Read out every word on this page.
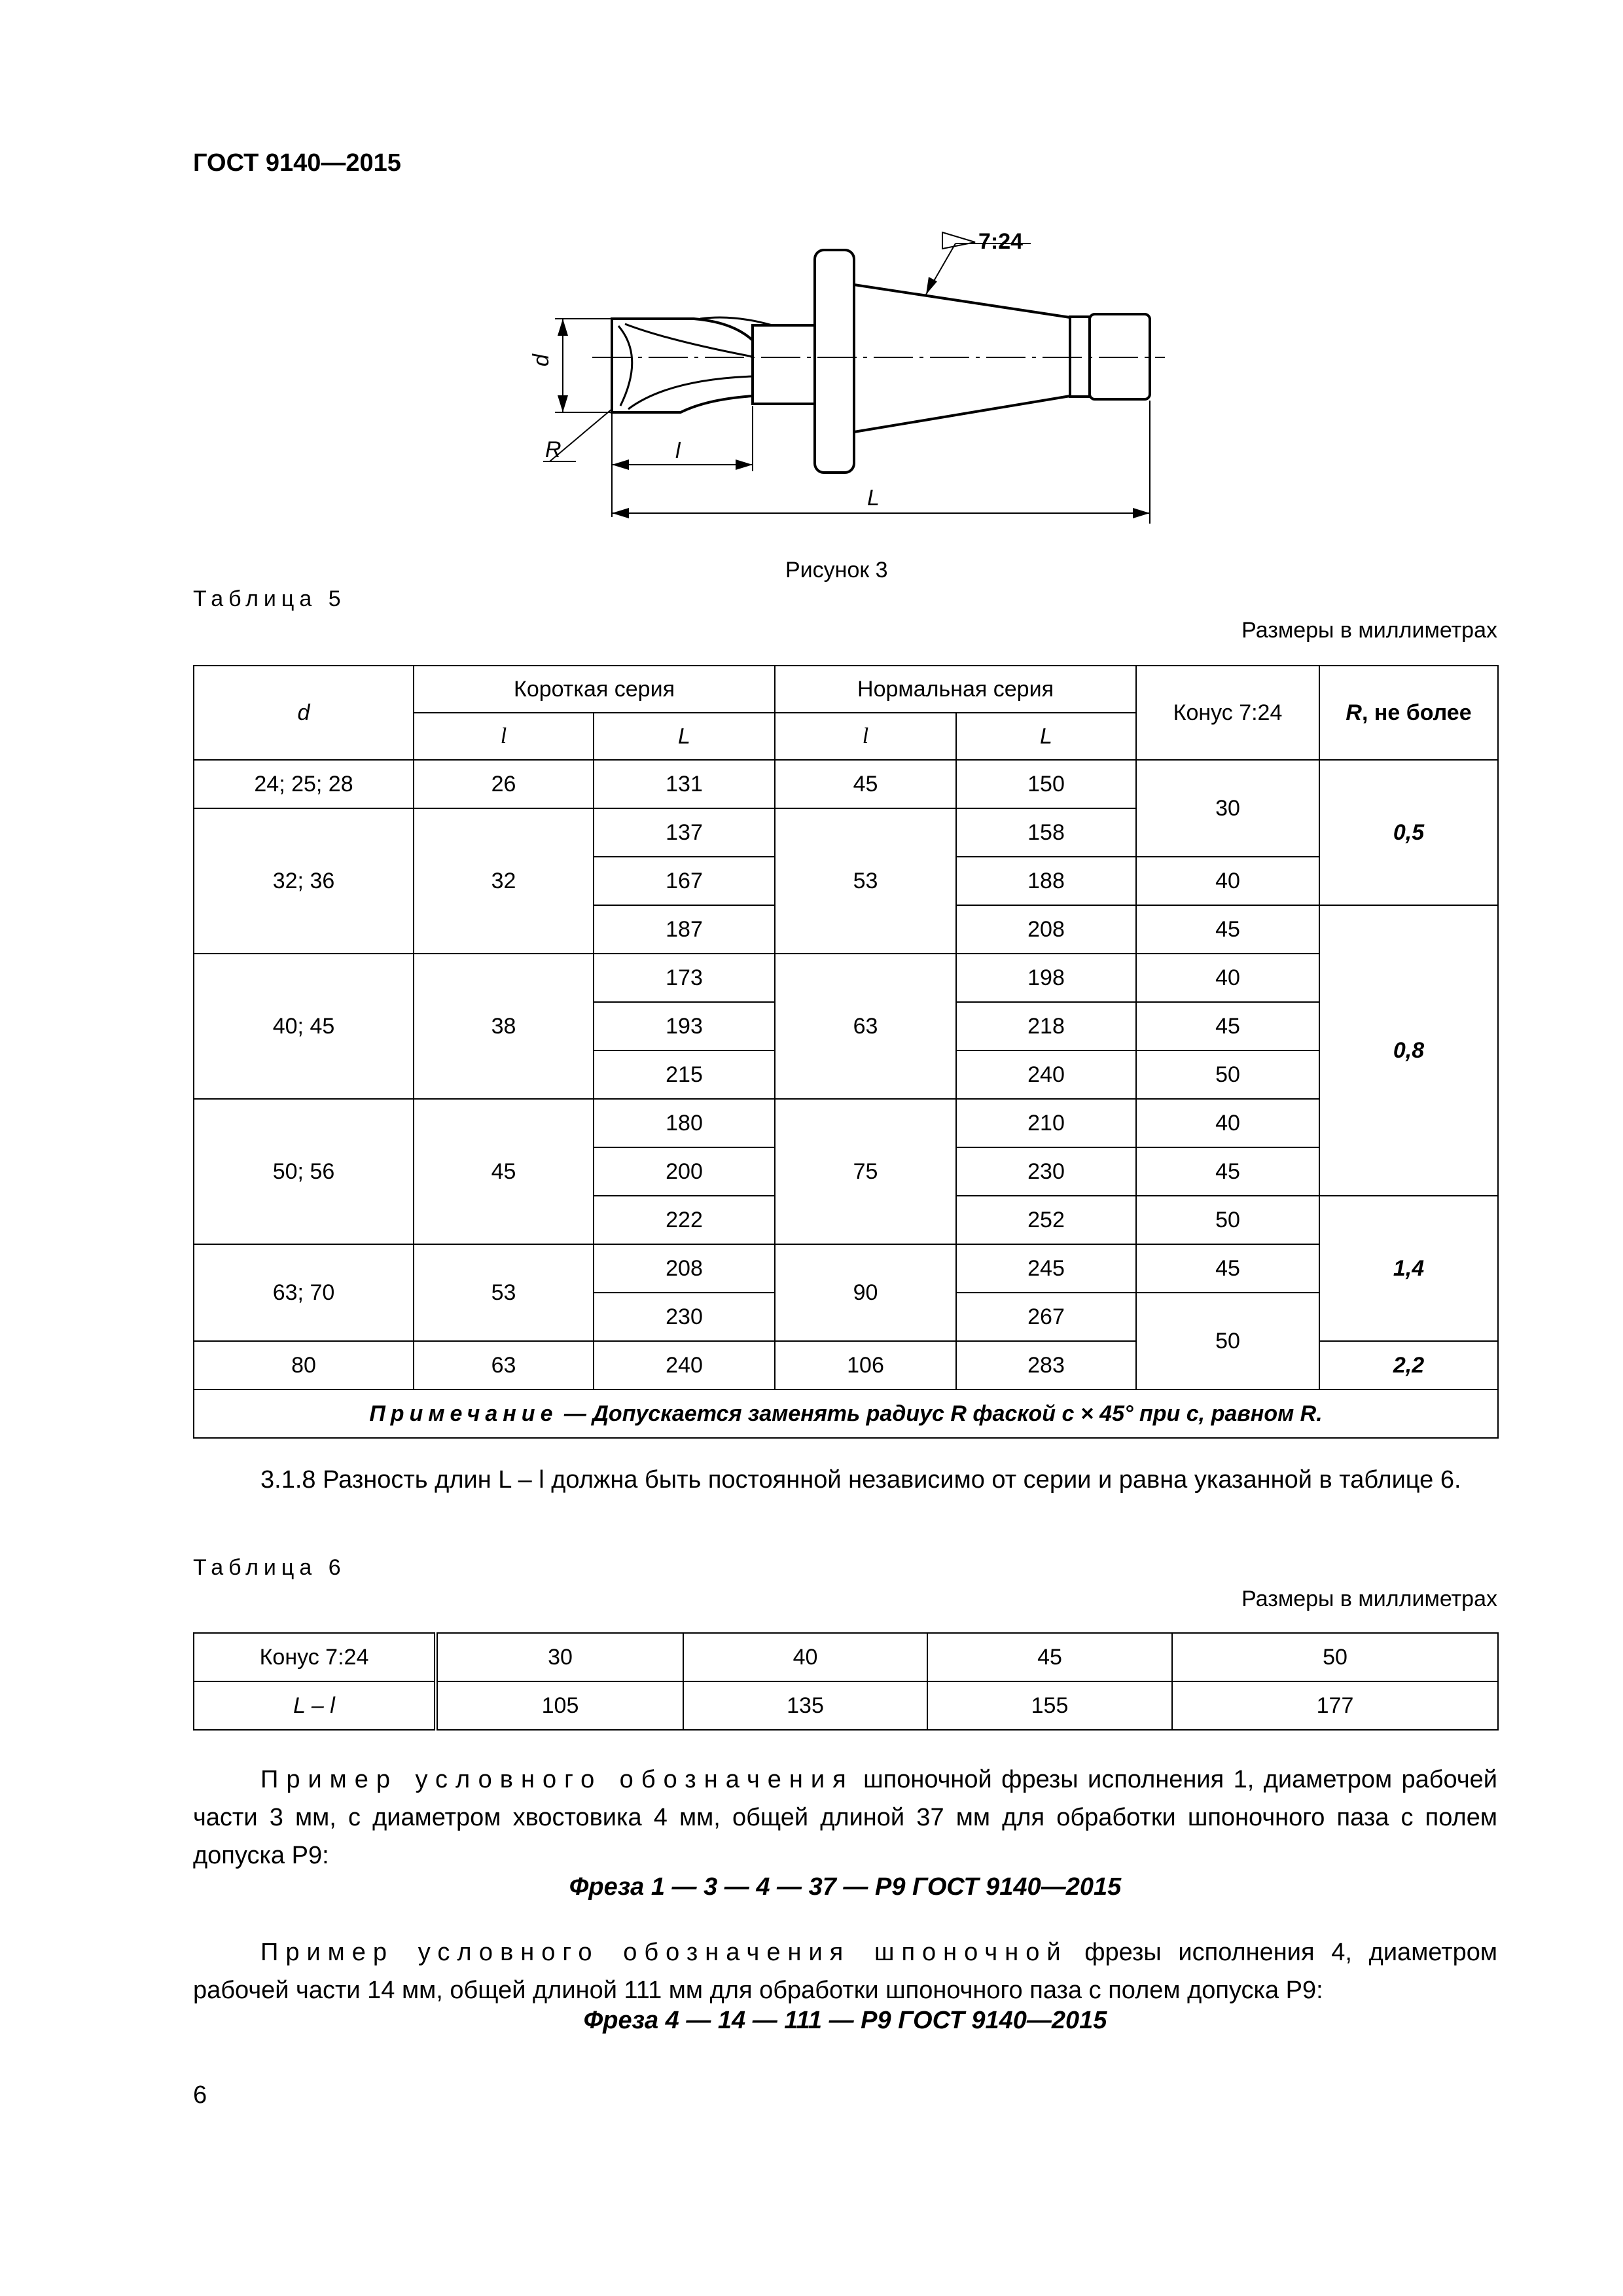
ГОСТ 9140—2015
7:24
d
R	l
L
Рисунок 3
Таблица 5
Размеры в миллиметрах
d	Короткая серия		Нормальная серия		Конус 7:24	R, не более
	l	L	l	L		
24; 25; 28	26	131	45	150	30	0,5
32; 36	32	137	53	158		
		167		188	40	
		187		208	45	0,8
40; 45	38	173	63	198	40	
		193		218	45	
		215		240	50	
50; 56	45	180	75	210	40	
		200		230	45	
		222		252	50	1,4
63; 70	53	208	90	245	45	
		230		267	50	
80	63	240	106	283		2,2
Примечание — Допускается заменять радиус R фаской с × 45° при с, равном R.						
3.1.8 Разность длин L – l должна быть постоянной независимо от серии и равна указанной в таблице 6.
Таблица 6
Размеры в миллиметрах
Конус 7:24	30	40	45	50
L – l	105	135	155	177
Пример условного обозначения шпоночной фрезы исполнения 1, диаметром рабочей части 3 мм, с диаметром хвостовика 4 мм, общей длиной 37 мм для обработки шпоночного паза с полем допуска P9:
Фреза 1 — 3 — 4 — 37 — Р9 ГОСТ 9140—2015
Пример условного обозначения шпоночной фрезы исполнения 4, диаметром рабочей части 14 мм, общей длиной 111 мм для обработки шпоночного паза с полем допуска P9:
Фреза 4 — 14 — 111 — Р9 ГОСТ 9140—2015
6
